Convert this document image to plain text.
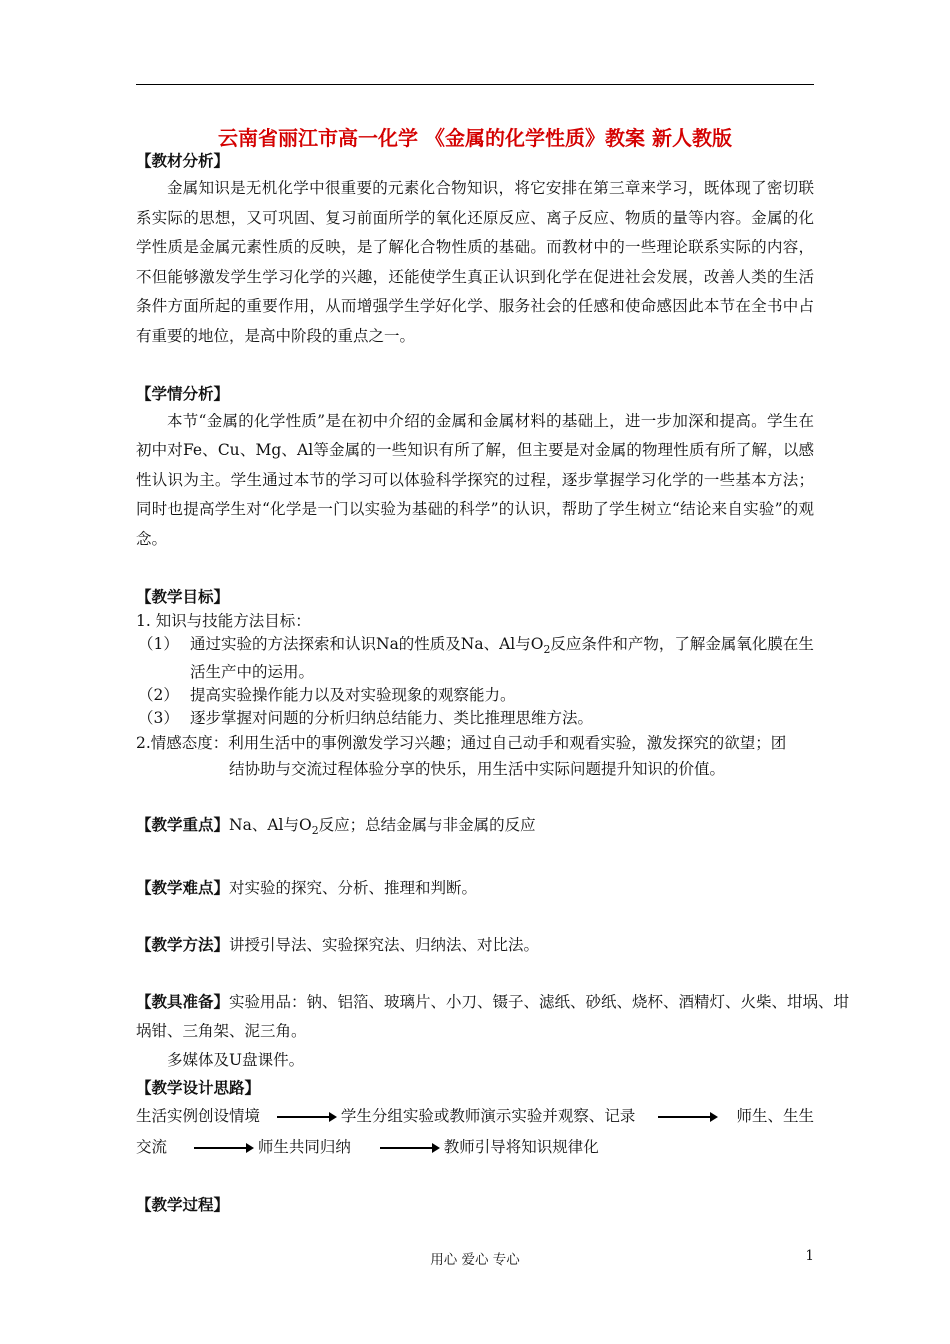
云南省丽江市高一化学 《金属的化学性质》教案 新人教版
【教材分析】
金属知识是无机化学中很重要的元素化合物知识，将它安排在第三章来学习，既体现了密切联系实际的思想，又可巩固、复习前面所学的氧化还原反应、离子反应、物质的量等内容。金属的化学性质是金属元素性质的反映，是了解化合物性质的基础。而教材中的一些理论联系实际的内容，不但能够激发学生学习化学的兴趣，还能使学生真正认识到化学在促进社会发展，改善人类的生活条件方面所起的重要作用，从而增强学生学好化学、服务社会的任感和使命感因此本节在全书中占有重要的地位，是高中阶段的重点之一。
【学情分析】
本节“金属的化学性质”是在初中介绍的金属和金属材料的基础上，进一步加深和提高。学生在初中对Fe、Cu、Mg、Al等金属的一些知识有所了解，但主要是对金属的物理性质有所了解，以感性认识为主。学生通过本节的学习可以体验科学探究的过程，逐步掌握学习化学的一些基本方法；同时也提高学生对“化学是一门以实验为基础的科学”的认识，帮助了学生树立“结论来自实验”的观念。
【教学目标】
1. 知识与技能方法目标：
（1） 通过实验的方法探索和认识Na的性质及Na、Al与$O_2$反应条件和产物，了解金属氧化膜在生活生产中的运用。
（2） 提高实验操作能力以及对实验现象的观察能力。
（3） 逐步掌握对问题的分析归纳总结能力、类比推理思维方法。
2.情感态度：利用生活中的事例激发学习兴趣；通过自己动手和观看实验，激发探究的欲望；团
结协助与交流过程体验分享的快乐，用生活中实际问题提升知识的价值。
【教学重点】Na、Al与$O_2$反应；总结金属与非金属的反应
【教学难点】对实验的探究、分析、推理和判断。
【教学方法】讲授引导法、实验探究法、归纳法、对比法。
【教具准备】实验用品：钠、铝箔、玻璃片、小刀、镊子、滤纸、砂纸、烧杯、酒精灯、火柴、坩埚、坩
埚钳、三角架、泥三角。
多媒体及U盘课件。
【教学设计思路】
生活实例创设情境	学生分组实验或教师演示实验并观察、记录	师生、生生
交流	师生共同归纳	教师引导将知识规律化
【教学过程】
用心 爱心 专心	1
